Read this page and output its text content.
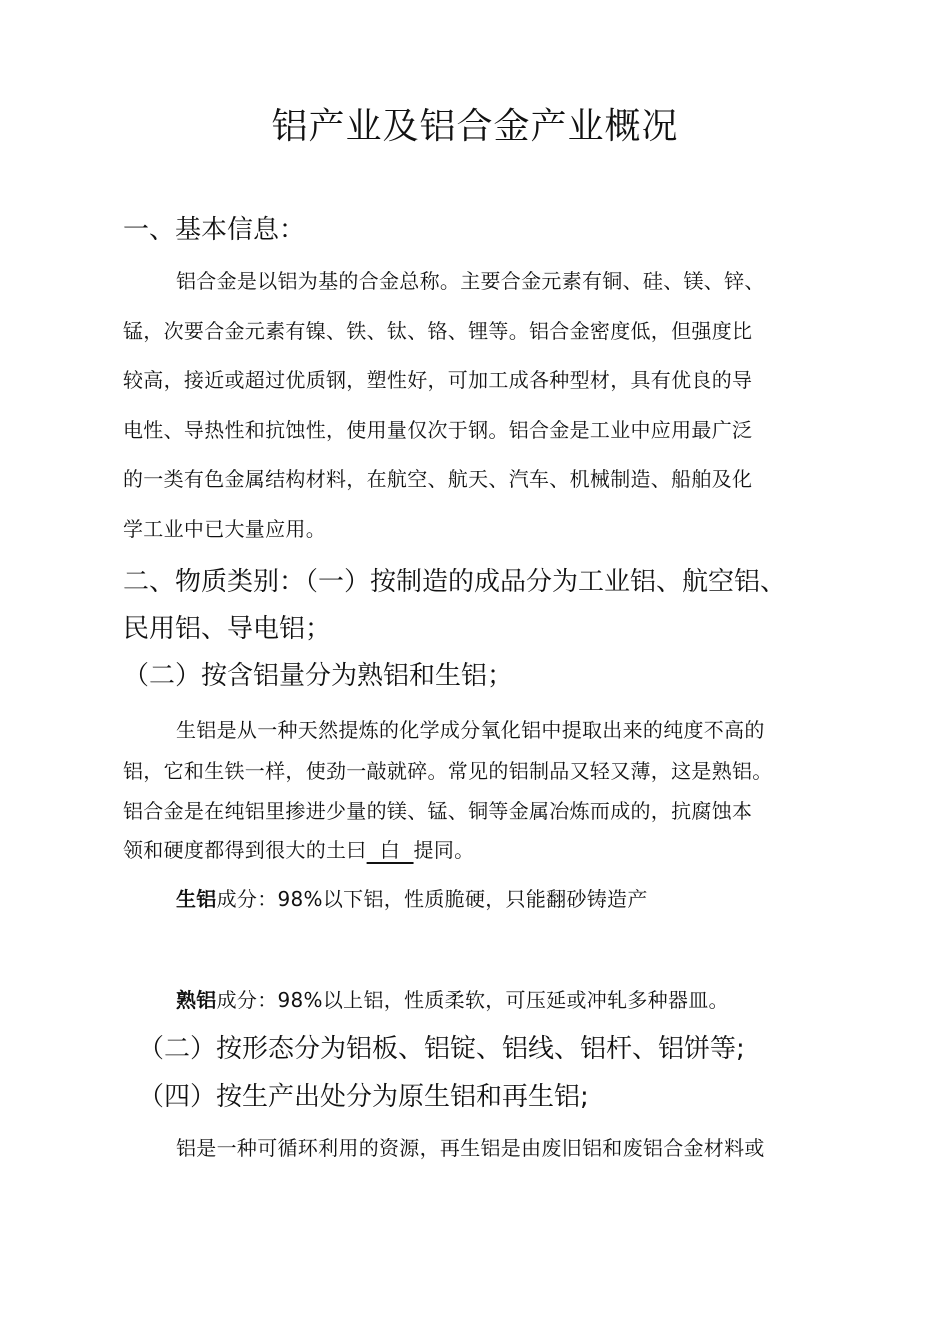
铝产业及铝合金产业概况
一、基本信息：
铝合金是以铝为基的合金总称。主要合金元素有铜、硅、镁、锌、
锰，次要合金元素有镍、铁、钛、铬、锂等。铝合金密度低，但强度比
较高，接近或超过优质钢，塑性好，可加工成各种型材，具有优良的导
电性、导热性和抗蚀性，使用量仅次于钢。铝合金是工业中应用最广泛
的一类有色金属结构材料，在航空、航天、汽车、机械制造、船舶及化
学工业中已大量应用。
二、物质类别：（一）按制造的成品分为工业铝、航空铝、
民用铝、导电铝；
（二）按含铝量分为熟铝和生铝；
生铝是从一种天然提炼的化学成分氧化铝中提取出来的纯度不高的
铝，它和生铁一样，使劲一敲就碎。常见的铝制品又轻又薄，这是熟铝。
铝合金是在纯铝里掺进少量的镁、锰、铜等金属冶炼而成的，抗腐蚀本
领和硬度都得到很大的土曰  白  提同。
生铝成分：98%以下铝，性质脆硬，只能翻砂铸造产
熟铝成分：98%以上铝，性质柔软，可压延或冲轧多种器皿。
（二）按形态分为铝板、铝锭、铝线、铝杆、铝饼等;
（四）按生产出处分为原生铝和再生铝;
铝是一种可循环利用的资源，再生铝是由废旧铝和废铝合金材料或
